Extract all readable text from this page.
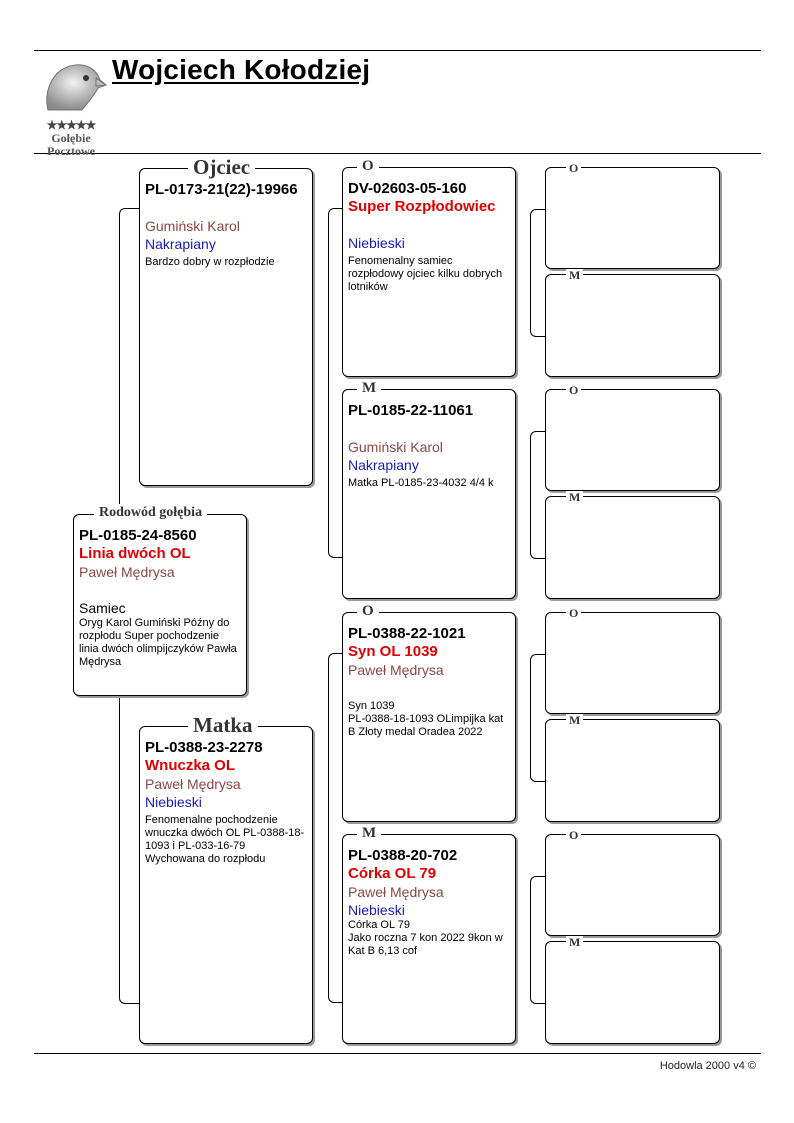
★★★★★
Gołębie
Pocztowe
Wojciech Kołodziej
Rodowód gołębia
PL-0185-24-8560
Linia dwóch OL
Paweł Mędrysa
Samiec
Oryg Karol Gumiński Późny do rozpłodu Super pochodzenie linia dwóch olimpijczyków Pawła Mędrysa
Ojciec
PL-0173-21(22)-19966
Gumiński Karol
Nakrapiany
Bardzo dobry w rozpłodzie
Matka
PL-0388-23-2278
Wnuczka OL
Paweł Mędrysa
Niebieski
Fenomenalne pochodzenie wnuczka dwóch OL PL-0388-18-1093 i PL-033-16-79 Wychowana do rozpłodu
O
DV-02603-05-160
Super Rozpłodowiec
Niebieski
Fenomenalny samiec rozpłodowy ojciec kilku dobrych lotników
M
PL-0185-22-11061
Gumiński Karol
Nakrapiany
Matka PL-0185-23-4032 4/4 k
O
PL-0388-22-1021
Syn OL 1039
Paweł Mędrysa
Syn 1039
PL-0388-18-1093 OLimpijka kat B Złoty medal Oradea 2022
M
PL-0388-20-702
Córka OL 79
Paweł Mędrysa
Niebieski
Córka OL 79
Jako roczna 7 kon 2022 9kon w Kat B 6,13 cof
O
M
O
M
O
M
O
M
Hodowla 2000 v4 ©
